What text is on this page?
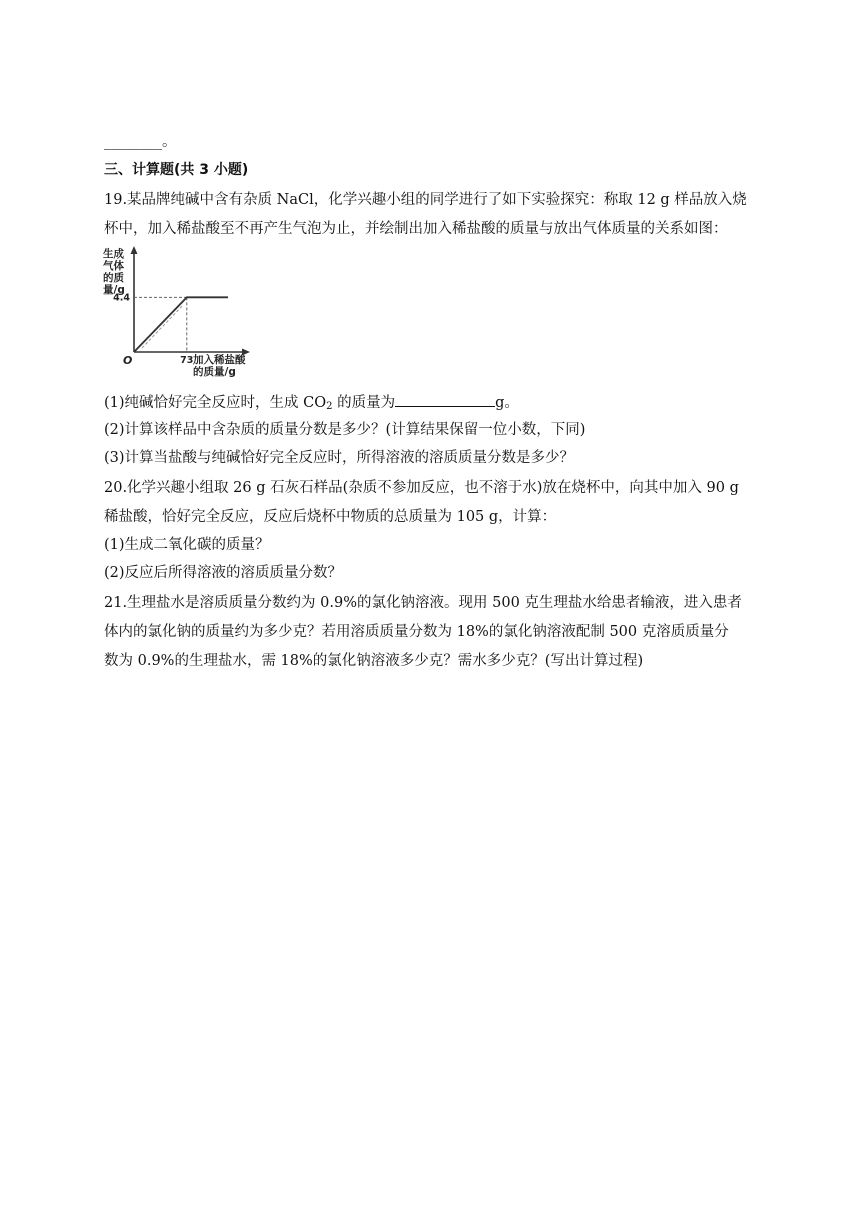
________。
三、计算题(共 3 小题)
19.某品牌纯碱中含有杂质 NaCl，化学兴趣小组的同学进行了如下实验探究：称取 12 g 样品放入烧
杯中，加入稀盐酸至不再产生气泡为止，并绘制出加入稀盐酸的质量与放出气体质量的关系如图：
生成
气体
的质
量/g
4.4
73
O	加入稀盐酸
的质量/g
(1)纯碱恰好完全反应时，生成 $CO_2$ 的质量为	g。
(2)计算该样品中含杂质的质量分数是多少？(计算结果保留一位小数，下同)
(3)计算当盐酸与纯碱恰好完全反应时，所得溶液的溶质质量分数是多少？
20.化学兴趣小组取 26 g 石灰石样品(杂质不参加反应，也不溶于水)放在烧杯中，向其中加入 90 g
稀盐酸，恰好完全反应，反应后烧杯中物质的总质量为 105 g，计算：
(1)生成二氧化碳的质量？
(2)反应后所得溶液的溶质质量分数？
21.生理盐水是溶质质量分数约为 0.9%的氯化钠溶液。现用 500 克生理盐水给患者输液，进入患者
体内的氯化钠的质量约为多少克？若用溶质质量分数为 18%的氯化钠溶液配制 500 克溶质质量分
数为 0.9%的生理盐水，需 18%的氯化钠溶液多少克？需水多少克？(写出计算过程)
